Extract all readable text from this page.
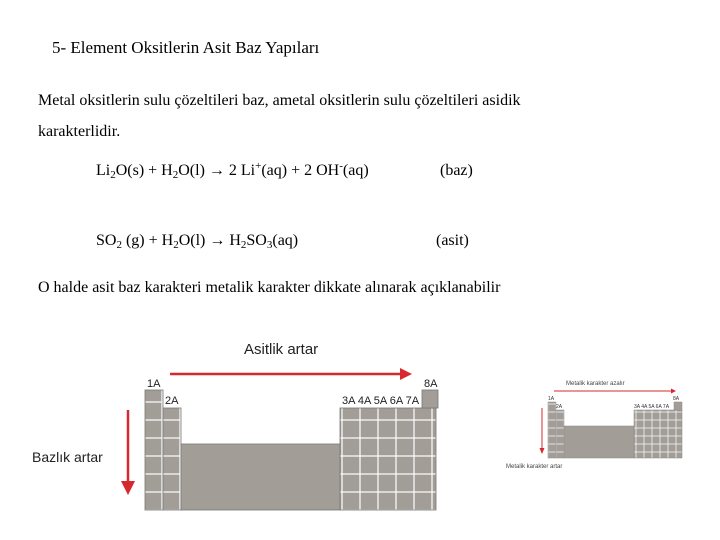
5- Element Oksitlerin Asit Baz Yapıları
Metal oksitlerin sulu çözeltileri baz, ametal oksitlerin sulu çözeltileri asidik
karakterlidir.
$Li_2O(s) + H_2O(l) \to 2$ Li+(aq) + 2 OH-(aq)	(baz)
$SO_2$ $(g) + H_2O(l) \to H_2SO_3(aq)$	(asit)
O halde asit baz karakteri metalik karakter dikkate alınarak açıklanabilir
Asitlik artar
1A	8A
2A	3A 4A 5A 6A 7A
Bazlık artar
Metalik karakter azalır
1A	8A
2A	3A 4A 5A 6A 7A
Metalik karakter artar
